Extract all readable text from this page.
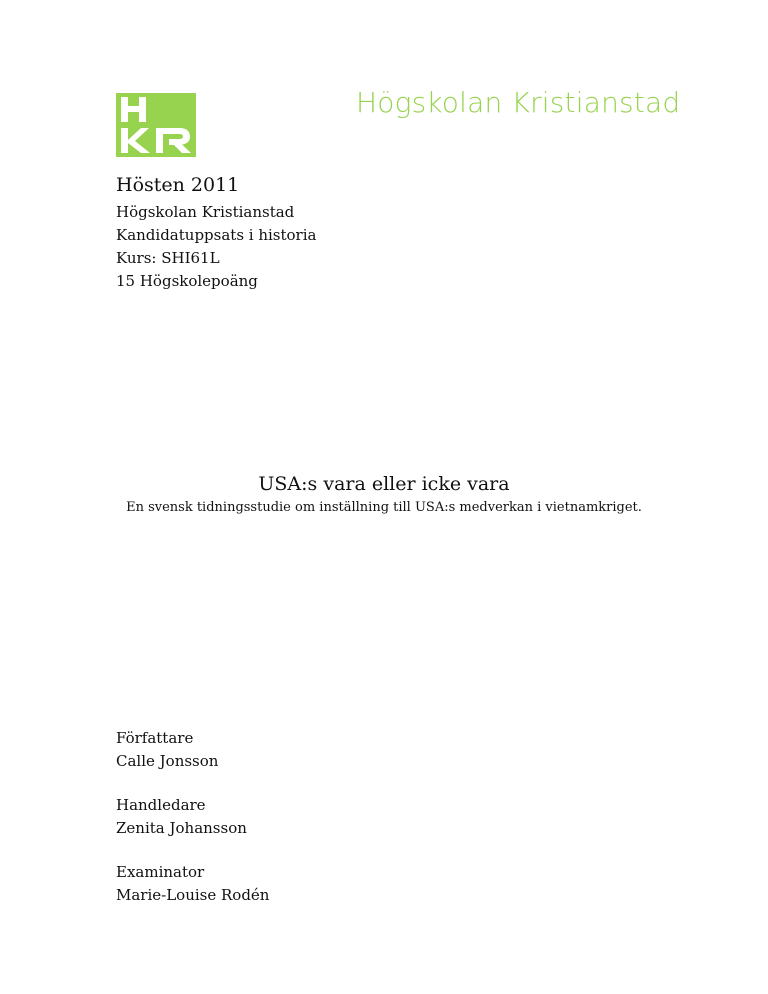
Högskolan Kristianstad
Hösten 2011
Högskolan Kristianstad
Kandidatuppsats i historia
Kurs: SHI61L
15 Högskolepoäng
USA:s vara eller icke vara
En svensk tidningsstudie om inställning till USA:s medverkan i vietnamkriget.
Författare
Calle Jonsson
Handledare
Zenita Johansson
Examinator
Marie-Louise Rodén
